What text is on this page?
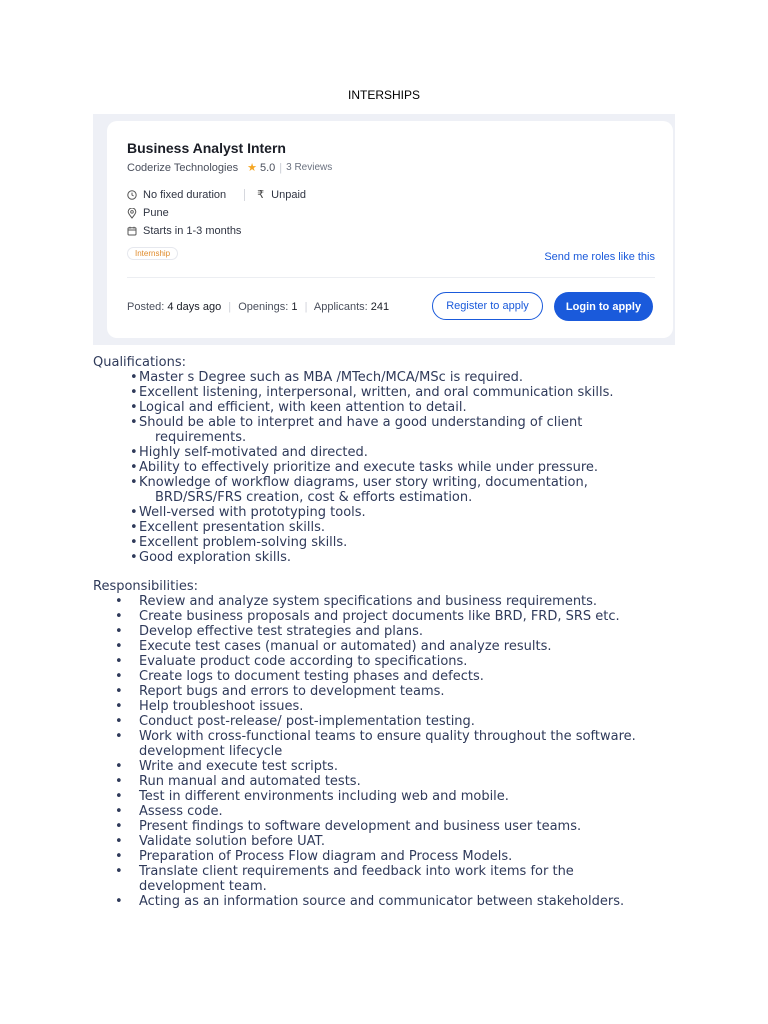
INTERSHIPS
Business Analyst Intern
Coderize Technologies ★ 5.0 | 3 Reviews
No fixed duration	₹ Unpaid
Pune
Starts in 1-3 months
Internship	Send me roles like this
Posted: 4 days ago | Openings: 1 | Applicants: 241	Register to apply	Login to apply
Qualifications:
• Master s Degree such as MBA /MTech/MCA/MSc is required.
• Excellent listening, interpersonal, written, and oral communication skills.
• Logical and efficient, with keen attention to detail.
• Should be able to interpret and have a good understanding of client
requirements.
• Highly self-motivated and directed.
• Ability to effectively prioritize and execute tasks while under pressure.
• Knowledge of workflow diagrams, user story writing, documentation,
BRD/SRS/FRS creation, cost & efforts estimation.
• Well-versed with prototyping tools.
• Excellent presentation skills.
• Excellent problem-solving skills.
• Good exploration skills.
Responsibilities:
• Review and analyze system specifications and business requirements.
• Create business proposals and project documents like BRD, FRD, SRS etc.
• Develop effective test strategies and plans.
• Execute test cases (manual or automated) and analyze results.
• Evaluate product code according to specifications.
• Create logs to document testing phases and defects.
• Report bugs and errors to development teams.
• Help troubleshoot issues.
• Conduct post-release/ post-implementation testing.
• Work with cross-functional teams to ensure quality throughout the software.
development lifecycle
• Write and execute test scripts.
• Run manual and automated tests.
• Test in different environments including web and mobile.
• Assess code.
• Present findings to software development and business user teams.
• Validate solution before UAT.
• Preparation of Process Flow diagram and Process Models.
• Translate client requirements and feedback into work items for the
development team.
• Acting as an information source and communicator between stakeholders.
